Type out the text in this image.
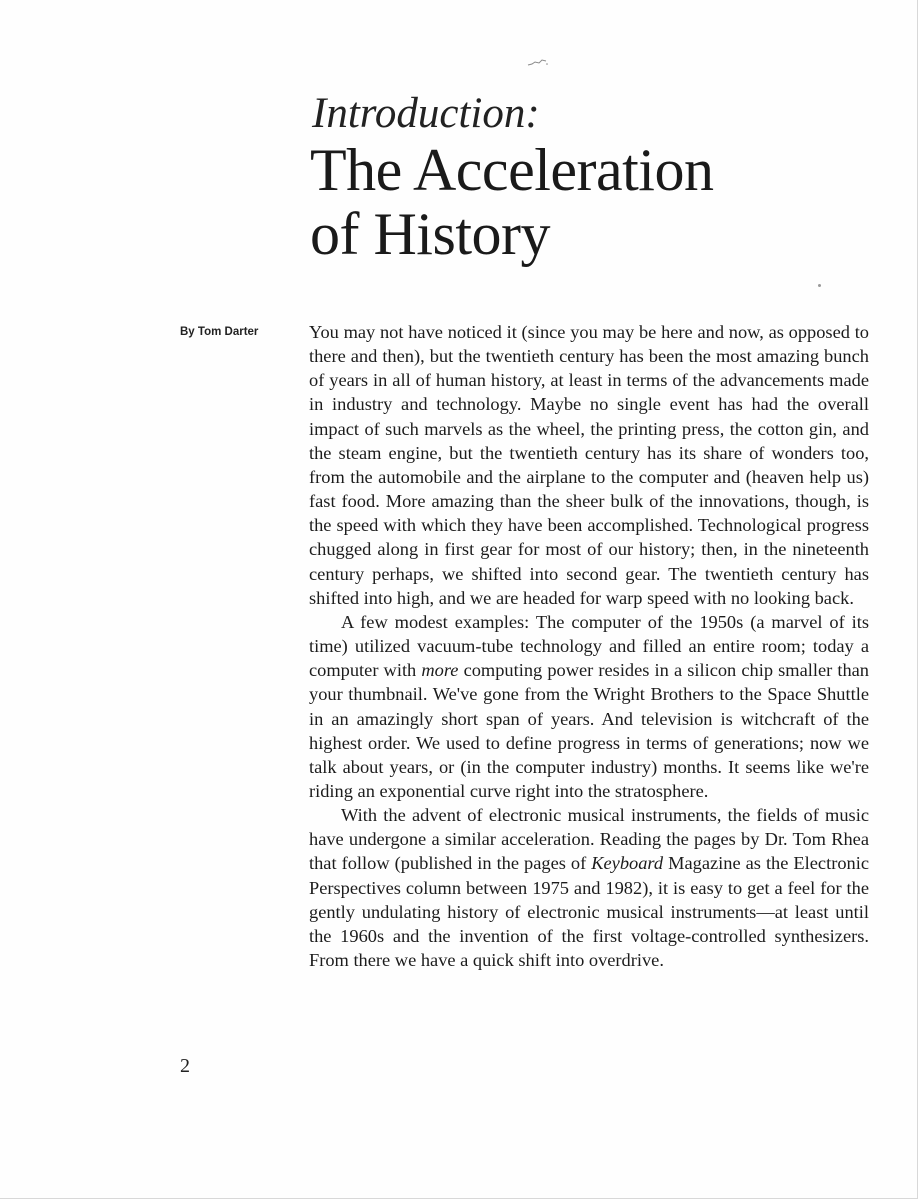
Introduction:
The Acceleration
of History
By Tom Darter	You may not have noticed it (since you may be here and now, as opposed to there and then), but the twentieth century has been the most amazing bunch of years in all of human history, at least in terms of the advancements made in industry and technology. Maybe no single event has had the overall impact of such marvels as the wheel, the printing press, the cotton gin, and the steam engine, but the twentieth century has its share of wonders too, from the automobile and the airplane to the computer and (heaven help us) fast food. More amazing than the sheer bulk of the innovations, though, is the speed with which they have been accomplished. Technological progress chugged along in first gear for most of our history; then, in the nineteenth century perhaps, we shifted into second gear. The twentieth century has shifted into high, and we are headed for warp speed with no looking back.

A few modest examples: The computer of the 1950s (a marvel of its time) utilized vacuum-tube technology and filled an entire room; today a computer with more computing power resides in a silicon chip smaller than your thumbnail. We've gone from the Wright Brothers to the Space Shuttle in an amazingly short span of years. And television is witchcraft of the highest order. We used to define progress in terms of generations; now we talk about years, or (in the computer industry) months. It seems like we're riding an exponential curve right into the stratosphere.

With the advent of electronic musical instruments, the fields of music have undergone a similar acceleration. Reading the pages by Dr. Tom Rhea that follow (published in the pages of Keyboard Magazine as the Electronic Perspectives column between 1975 and 1982), it is easy to get a feel for the gently undulating history of electronic musical instruments—at least until the 1960s and the invention of the first voltage-controlled synthesizers. From there we have a quick shift into overdrive.

2
